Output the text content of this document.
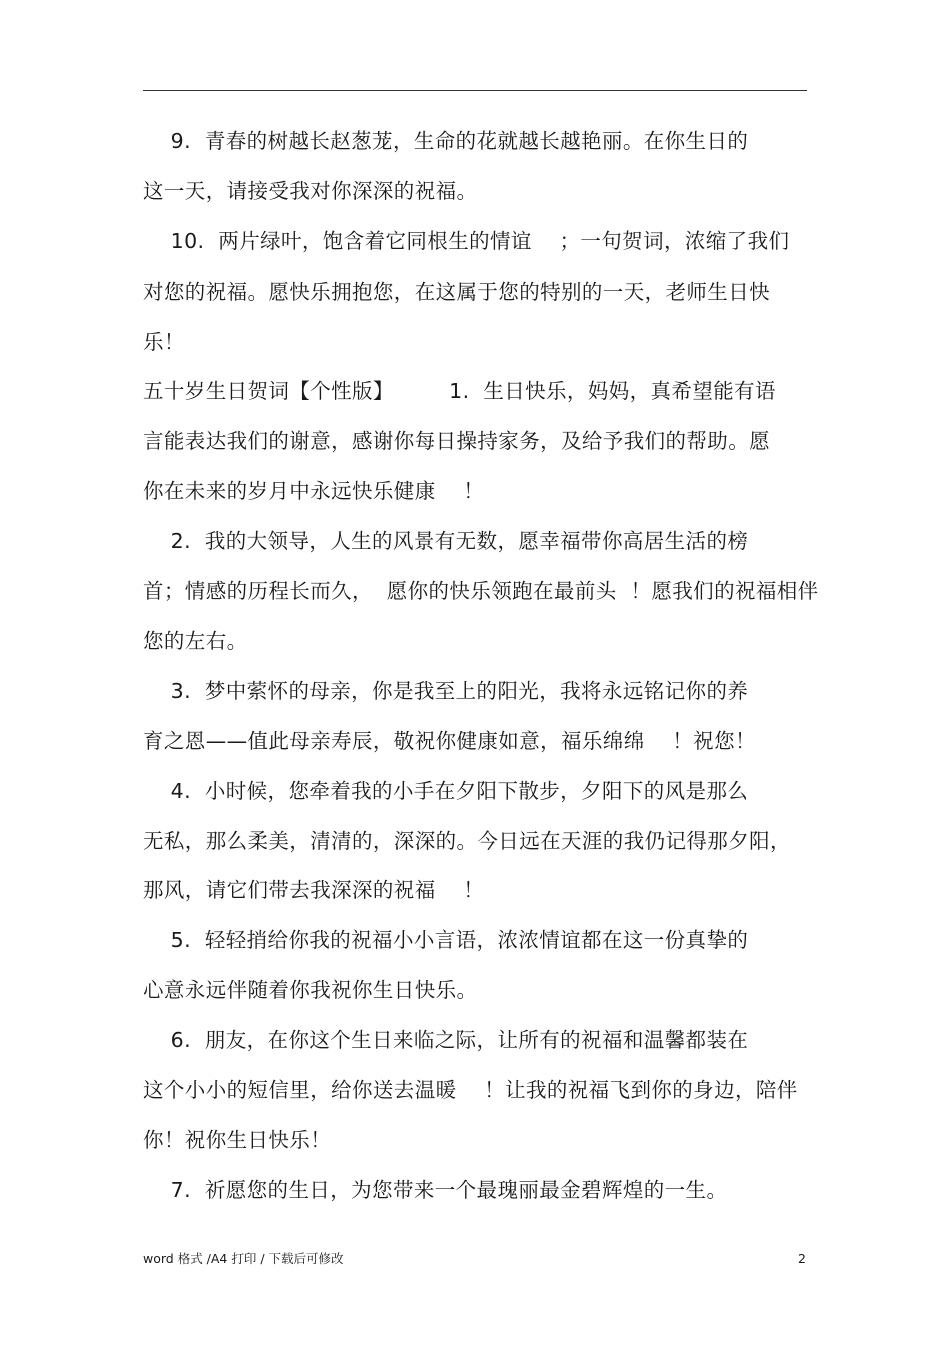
9.  青春的树越长赵葱茏，生命的花就越长越艳丽。在你生日的
这一天，请接受我对你深深的祝福。
10.  两片绿叶，饱含着它同根生的情谊    ；一句贺词，浓缩了我们
对您的祝福。愿快乐拥抱您，在这属于您的特别的一天，老师生日快
乐！
五十岁生日贺词【个性版】        1.  生日快乐，妈妈，真希望能有语
言能表达我们的谢意，感谢你每日操持家务，及给予我们的帮助。愿
你在未来的岁月中永远快乐健康    ！
2.  我的大领导，人生的风景有无数，愿幸福带你高居生活的榜
首；情感的历程长而久，  愿你的快乐领跑在最前头  ！愿我们的祝福相伴
您的左右。
3.  梦中萦怀的母亲，你是我至上的阳光，我将永远铭记你的养
育之恩——值此母亲寿辰，敬祝你健康如意，福乐绵绵    ！祝您！
4.  小时候，您牵着我的小手在夕阳下散步，夕阳下的风是那么
无私，那么柔美，清清的，深深的。今日远在天涯的我仍记得那夕阳，
那风，请它们带去我深深的祝福    ！
5.  轻轻捎给你我的祝福小小言语，浓浓情谊都在这一份真挚的
心意永远伴随着你我祝你生日快乐。
6.  朋友，在你这个生日来临之际，让所有的祝福和温馨都装在
这个小小的短信里，给你送去温暖    ！让我的祝福飞到你的身边，陪伴
你！祝你生日快乐！
7.  祈愿您的生日，为您带来一个最瑰丽最金碧辉煌的一生。
word 格式 /A4 打印 / 下载后可修改	2
